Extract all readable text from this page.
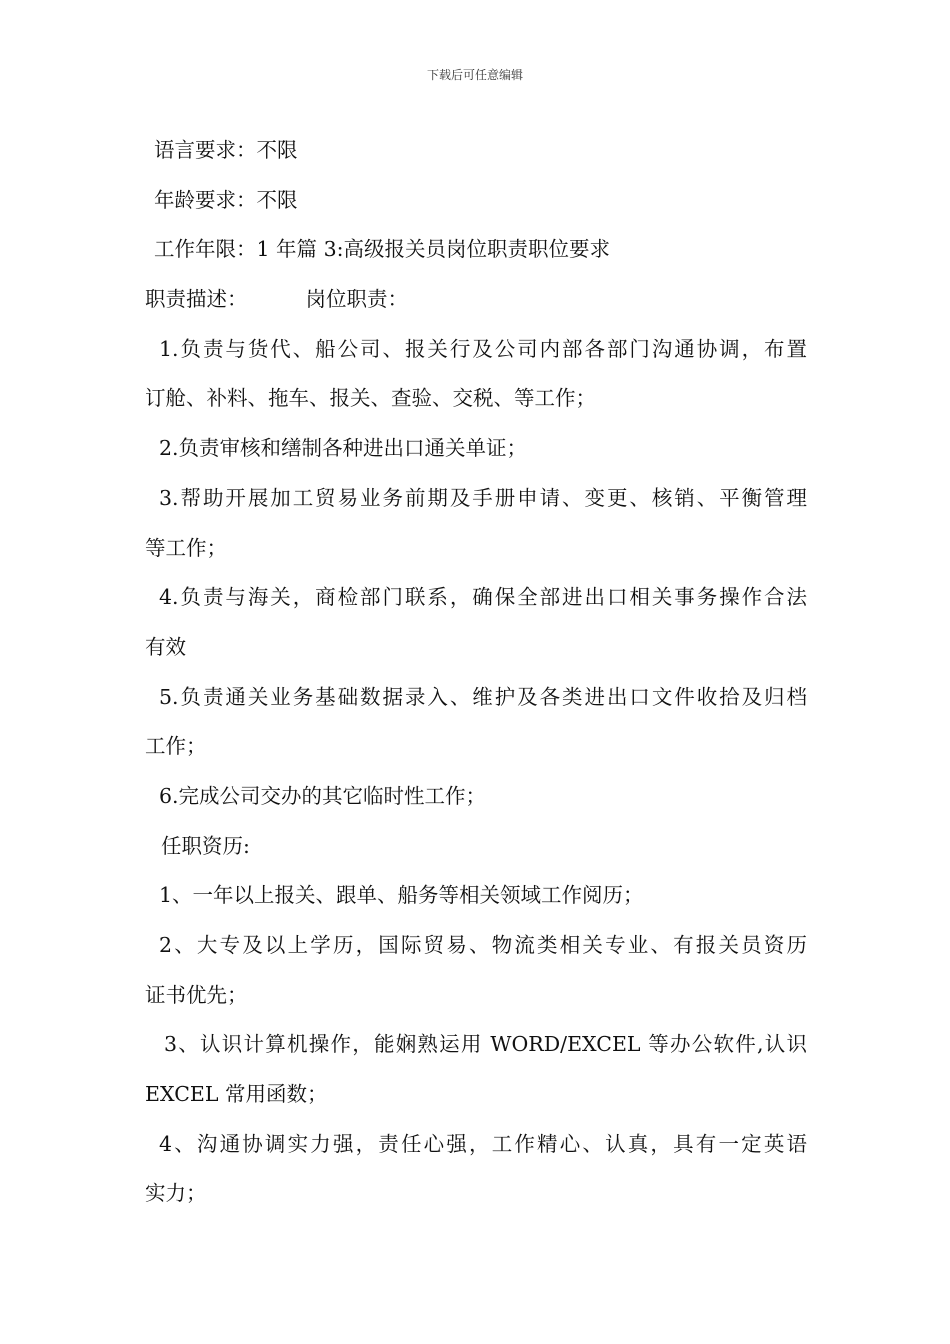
下载后可任意编辑
语言要求：不限
年龄要求：不限
工作年限：1 年篇 3:高级报关员岗位职责职位要求
职责描述：	岗位职责：
1.负责与货代、船公司、报关行及公司内部各部门沟通协调，布置
订舱、补料、拖车、报关、查验、交税、等工作；
2.负责审核和缮制各种进出口通关单证；
3.帮助开展加工贸易业务前期及手册申请、变更、核销、平衡管理
等工作；
4.负责与海关，商检部门联系，确保全部进出口相关事务操作合法
有效
5.负责通关业务基础数据录入、维护及各类进出口文件收拾及归档
工作；
6.完成公司交办的其它临时性工作；
任职资历:
1、一年以上报关、跟单、船务等相关领域工作阅历；
2、大专及以上学历，国际贸易、物流类相关专业、有报关员资历
证书优先；
3、认识计算机操作，能娴熟运用 WORD/EXCEL 等办公软件,认识
EXCEL 常用函数；
4、沟通协调实力强，责任心强，工作精心、认真，具有一定英语
实力；
